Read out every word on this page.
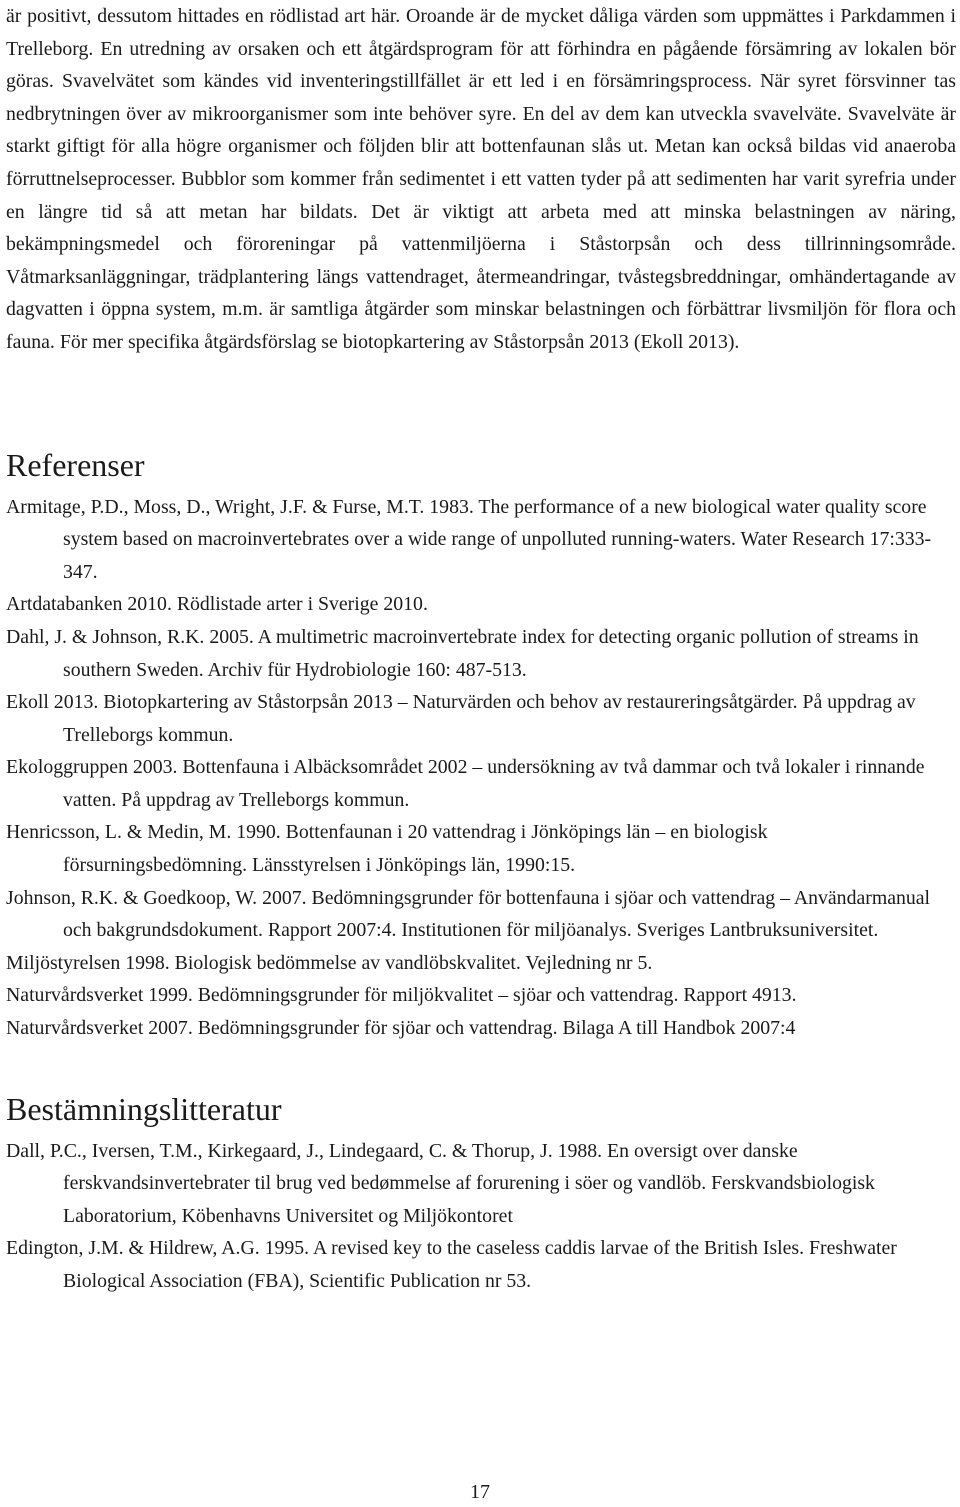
är positivt, dessutom hittades en rödlistad art här. Oroande är de mycket dåliga värden som uppmättes i Parkdammen i Trelleborg. En utredning av orsaken och ett åtgärdsprogram för att förhindra en pågående försämring av lokalen bör göras. Svavelvätet som kändes vid inventeringstillfället är ett led i en försämringsprocess. När syret försvinner tas nedbrytningen över av mikroorganismer som inte behöver syre. En del av dem kan utveckla svavelväte. Svavelväte är starkt giftigt för alla högre organismer och följden blir att bottenfaunan slås ut. Metan kan också bildas vid anaeroba förruttnelseprocesser. Bubblor som kommer från sedimentet i ett vatten tyder på att sedimenten har varit syrefria under en längre tid så att metan har bildats. Det är viktigt att arbeta med att minska belastningen av näring, bekämpningsmedel och föroreningar på vattenmiljöerna i Ståstorpsån och dess tillrinningsområde. Våtmarksanläggningar, trädplantering längs vattendraget, återmeandringar, tvåstegsbreddningar, omhändertagande av dagvatten i öppna system, m.m. är samtliga åtgärder som minskar belastningen och förbättrar livsmiljön för flora och fauna. För mer specifika åtgärdsförslag se biotopkartering av Ståstorpsån 2013 (Ekoll 2013).

Referenser
Armitage, P.D., Moss, D., Wright, J.F. & Furse, M.T. 1983. The performance of a new biological water quality score system based on macroinvertebrates over a wide range of unpolluted running-waters. Water Research 17:333-347.
Artdatabanken 2010. Rödlistade arter i Sverige 2010.
Dahl, J. & Johnson, R.K. 2005. A multimetric macroinvertebrate index for detecting organic pollution of streams in southern Sweden. Archiv für Hydrobiologie 160: 487-513.
Ekoll 2013. Biotopkartering av Ståstorpsån 2013 – Naturvärden och behov av restaureringsåtgärder. På uppdrag av Trelleborgs kommun.
Ekologgruppen 2003. Bottenfauna i Albäcksområdet 2002 – undersökning av två dammar och två lokaler i rinnande vatten. På uppdrag av Trelleborgs kommun.
Henricsson, L. & Medin, M. 1990. Bottenfaunan i 20 vattendrag i Jönköpings län – en biologisk försurningsbedömning. Länsstyrelsen i Jönköpings län, 1990:15.
Johnson, R.K. & Goedkoop, W. 2007. Bedömningsgrunder för bottenfauna i sjöar och vattendrag – Användarmanual och bakgrundsdokument. Rapport 2007:4. Institutionen för miljöanalys. Sveriges Lantbruksuniversitet.
Miljöstyrelsen 1998. Biologisk bedömmelse av vandlöbskvalitet. Vejledning nr 5.
Naturvårdsverket 1999. Bedömningsgrunder för miljökvalitet – sjöar och vattendrag. Rapport 4913.
Naturvårdsverket 2007. Bedömningsgrunder för sjöar och vattendrag. Bilaga A till Handbok 2007:4
Bestämningslitteratur
Dall, P.C., Iversen, T.M., Kirkegaard, J., Lindegaard, C. & Thorup, J. 1988. En oversigt over danske ferskvandsinvertebrater til brug ved bedømmelse af forurening i söer og vandlöb. Ferskvandsbiologisk Laboratorium, Köbenhavns Universitet og Miljökontoret
Edington, J.M. & Hildrew, A.G. 1995. A revised key to the caseless caddis larvae of the British Isles. Freshwater Biological Association (FBA), Scientific Publication nr 53.
17
